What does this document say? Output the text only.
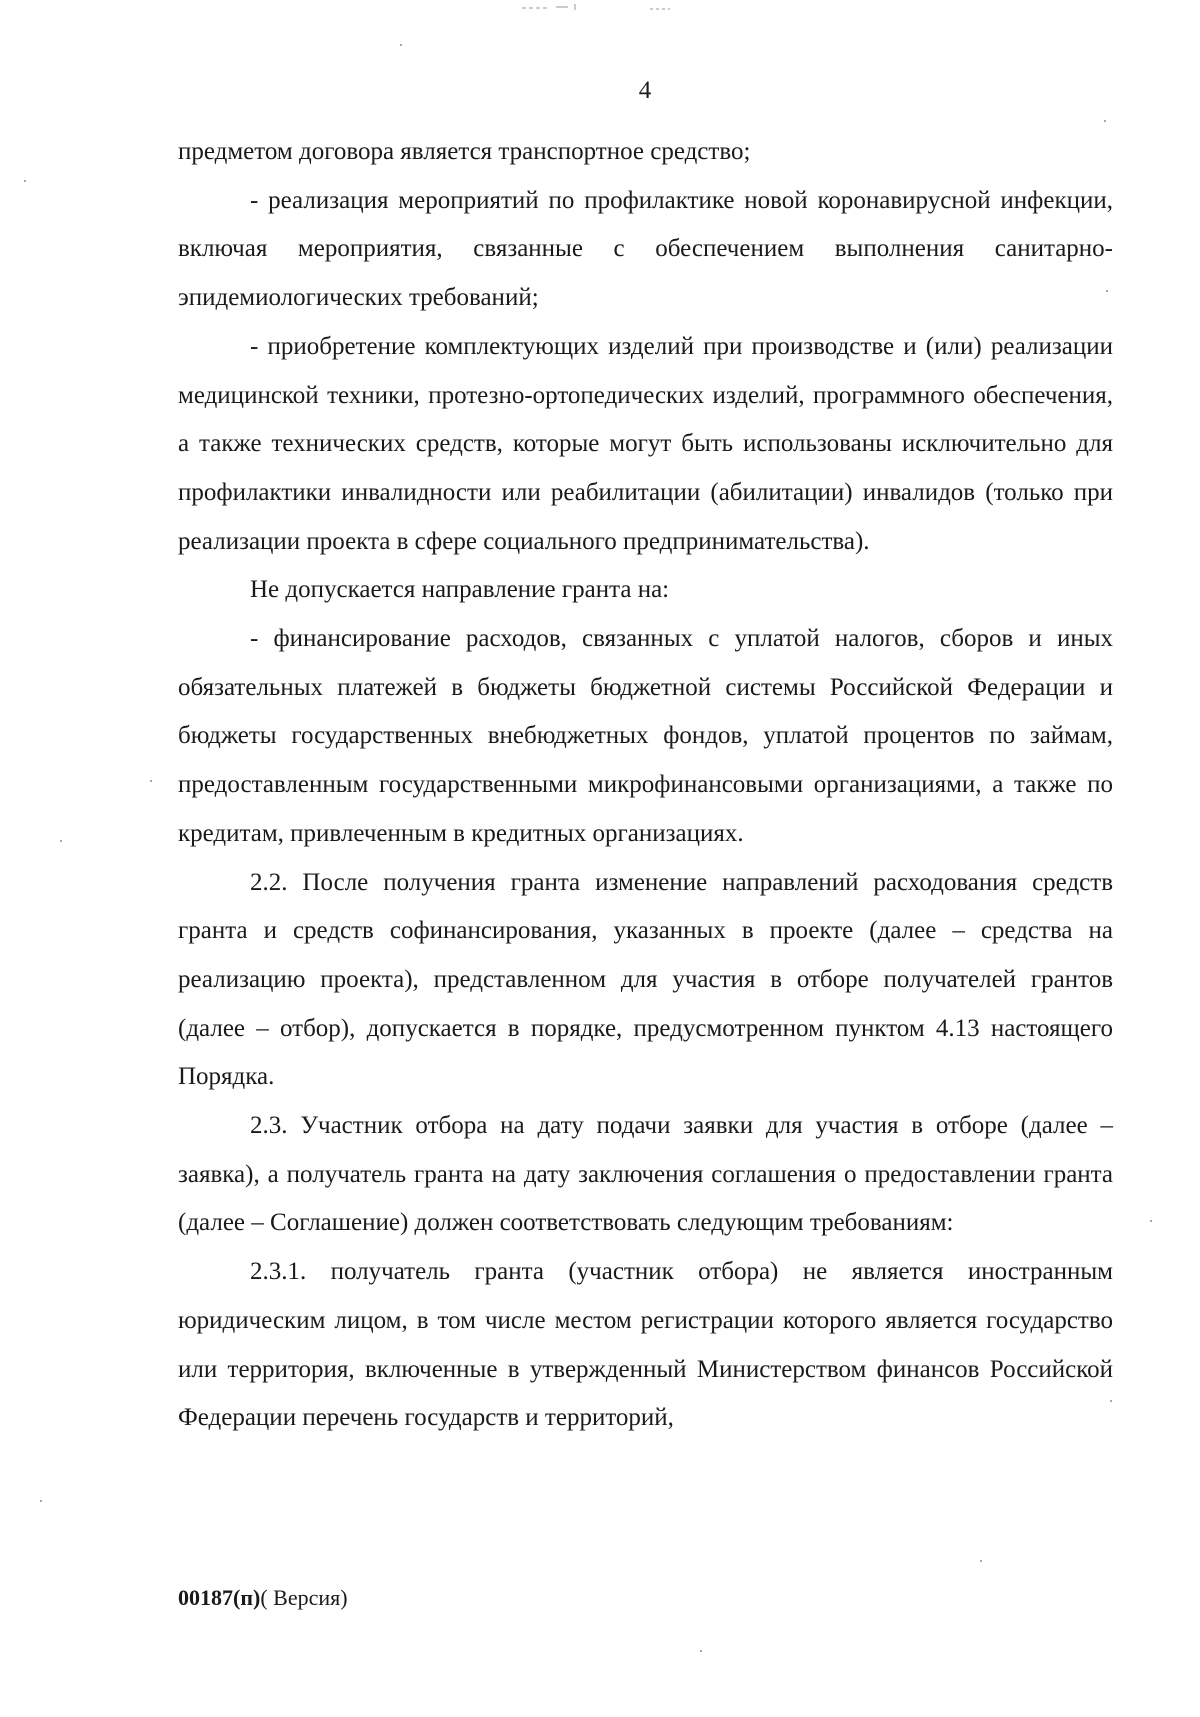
4

предметом договора является транспортное средство;

- реализация мероприятий по профилактике новой коронавирусной инфекции, включая мероприятия, связанные с обеспечением выполнения санитарно-эпидемиологических требований;

- приобретение комплектующих изделий при производстве и (или) реализации медицинской техники, протезно-ортопедических изделий, программного обеспечения, а также технических средств, которые могут быть использованы исключительно для профилактики инвалидности или реабилитации (абилитации) инвалидов (только при реализации проекта в сфере социального предпринимательства).

Не допускается направление гранта на:

- финансирование расходов, связанных с уплатой налогов, сборов и иных обязательных платежей в бюджеты бюджетной системы Российской Федерации и бюджеты государственных внебюджетных фондов, уплатой процентов по займам, предоставленным государственными микрофинансовыми организациями, а также по кредитам, привлеченным в кредитных организациях.

2.2. После получения гранта изменение направлений расходования средств гранта и средств софинансирования, указанных в проекте (далее – средства на реализацию проекта), представленном для участия в отборе получателей грантов (далее – отбор), допускается в порядке, предусмотренном пунктом 4.13 настоящего Порядка.

2.3. Участник отбора на дату подачи заявки для участия в отборе (далее – заявка), а получатель гранта на дату заключения соглашения о предоставлении гранта (далее – Соглашение) должен соответствовать следующим требованиям:

2.3.1. получатель гранта (участник отбора) не является иностранным юридическим лицом, в том числе местом регистрации которого является государство или территория, включенные в утвержденный Министерством финансов Российской Федерации перечень государств и территорий,

00187(п)( Версия)
